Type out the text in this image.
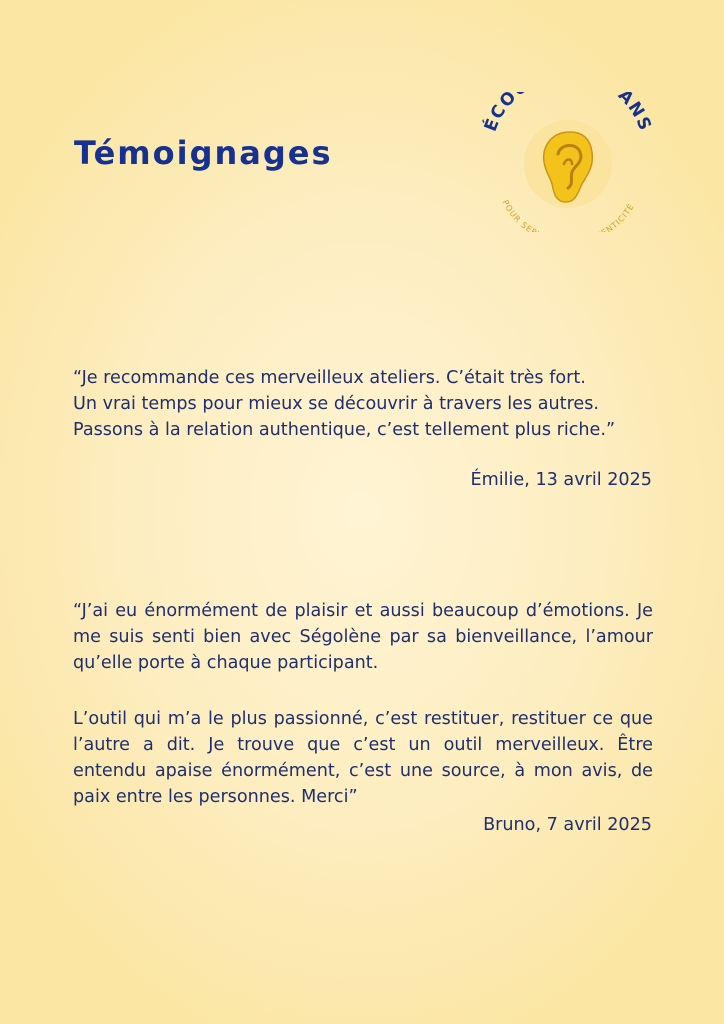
Témoignages
ÉCO ANS
POUR SE NTICITÉ
“Je recommande ces merveilleux ateliers. C’était très fort.
Un vrai temps pour mieux se découvrir à travers les autres.
Passons à la relation authentique, c’est tellement plus riche.”
Émilie, 13 avril 2025

“J’ai eu énormément de plaisir et aussi beaucoup d’émotions. Je me suis senti bien avec Ségolène par sa bienveillance, l’amour qu’elle porte à chaque participant.

L’outil qui m’a le plus passionné, c’est restituer, restituer ce que l’autre a dit. Je trouve que c’est un outil merveilleux. Être entendu apaise énormément, c’est une source, à mon avis, de paix entre les personnes. Merci”

Bruno, 7 avril 2025
